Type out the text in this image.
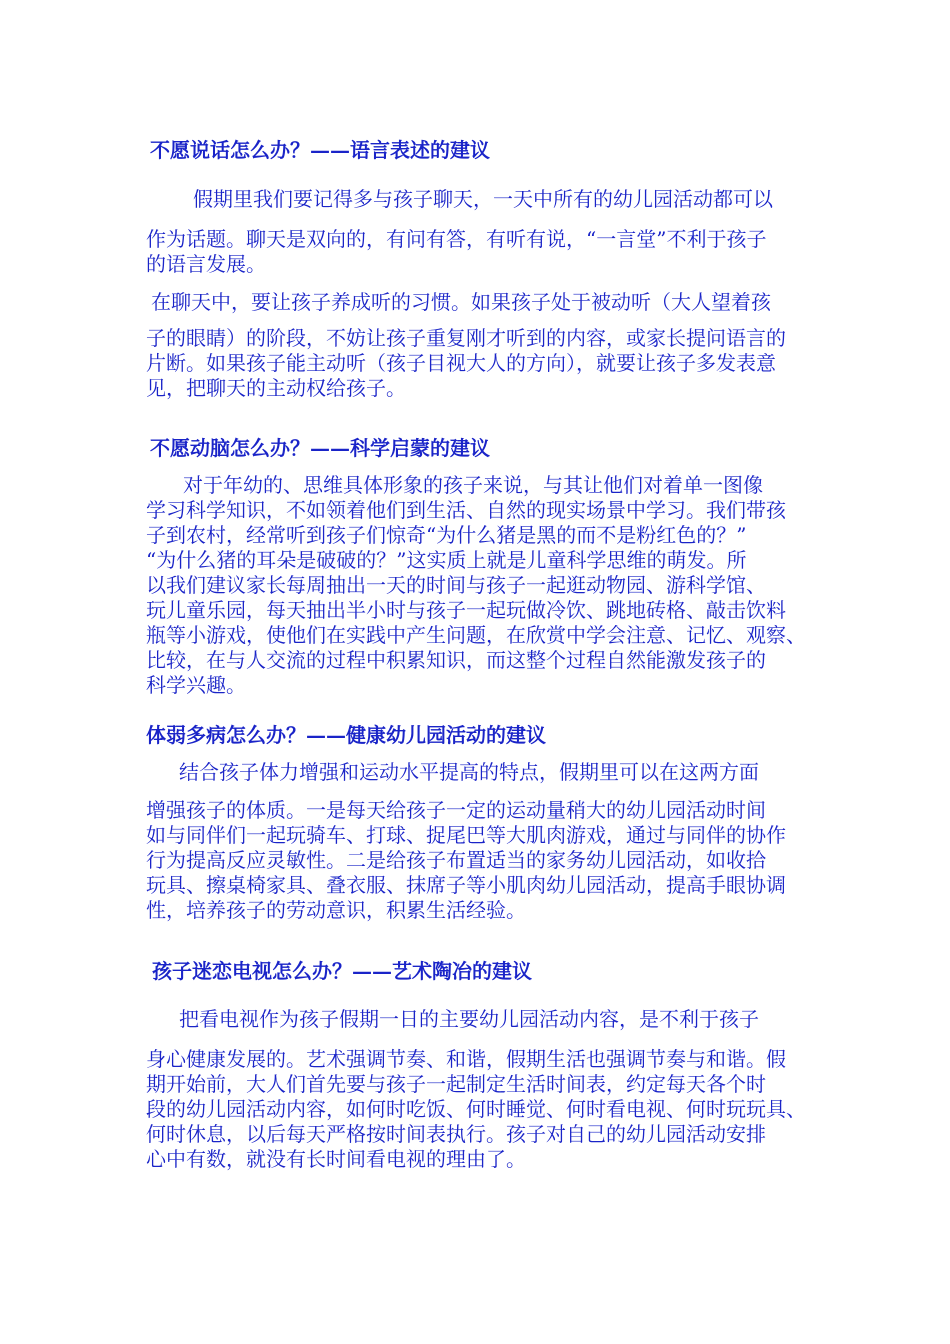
不愿说话怎么办？——语言表述的建议
假期里我们要记得多与孩子聊天，一天中所有的幼儿园活动都可以
作为话题。聊天是双向的，有问有答，有听有说，“一言堂”不利于孩子
的语言发展。
在聊天中，要让孩子养成听的习惯。如果孩子处于被动听（大人望着孩
子的眼睛）的阶段，不妨让孩子重复刚才听到的内容，或家长提问语言的
片断。如果孩子能主动听（孩子目视大人的方向），就要让孩子多发表意
见，把聊天的主动权给孩子。
不愿动脑怎么办？——科学启蒙的建议
对于年幼的、思维具体形象的孩子来说，与其让他们对着单一图像
学习科学知识，不如领着他们到生活、自然的现实场景中学习。我们带孩
子到农村，经常听到孩子们惊奇“为什么猪是黑的而不是粉红色的？”
“为什么猪的耳朵是破破的？”这实质上就是儿童科学思维的萌发。所
以我们建议家长每周抽出一天的时间与孩子一起逛动物园、游科学馆、
玩儿童乐园，每天抽出半小时与孩子一起玩做冷饮、跳地砖格、敲击饮料
瓶等小游戏，使他们在实践中产生问题，在欣赏中学会注意、记忆、观察、
比较，在与人交流的过程中积累知识，而这整个过程自然能激发孩子的
科学兴趣。
体弱多病怎么办？——健康幼儿园活动的建议
结合孩子体力增强和运动水平提高的特点，假期里可以在这两方面
增强孩子的体质。一是每天给孩子一定的运动量稍大的幼儿园活动时间
如与同伴们一起玩骑车、打球、捉尾巴等大肌肉游戏，通过与同伴的协作
行为提高反应灵敏性。二是给孩子布置适当的家务幼儿园活动，如收拾
玩具、擦桌椅家具、叠衣服、抹席子等小肌肉幼儿园活动，提高手眼协调
性，培养孩子的劳动意识，积累生活经验。
孩子迷恋电视怎么办？——艺术陶冶的建议
把看电视作为孩子假期一日的主要幼儿园活动内容，是不利于孩子
身心健康发展的。艺术强调节奏、和谐，假期生活也强调节奏与和谐。假
期开始前，大人们首先要与孩子一起制定生活时间表，约定每天各个时
段的幼儿园活动内容，如何时吃饭、何时睡觉、何时看电视、何时玩玩具、
何时休息，以后每天严格按时间表执行。孩子对自己的幼儿园活动安排
心中有数，就没有长时间看电视的理由了。
